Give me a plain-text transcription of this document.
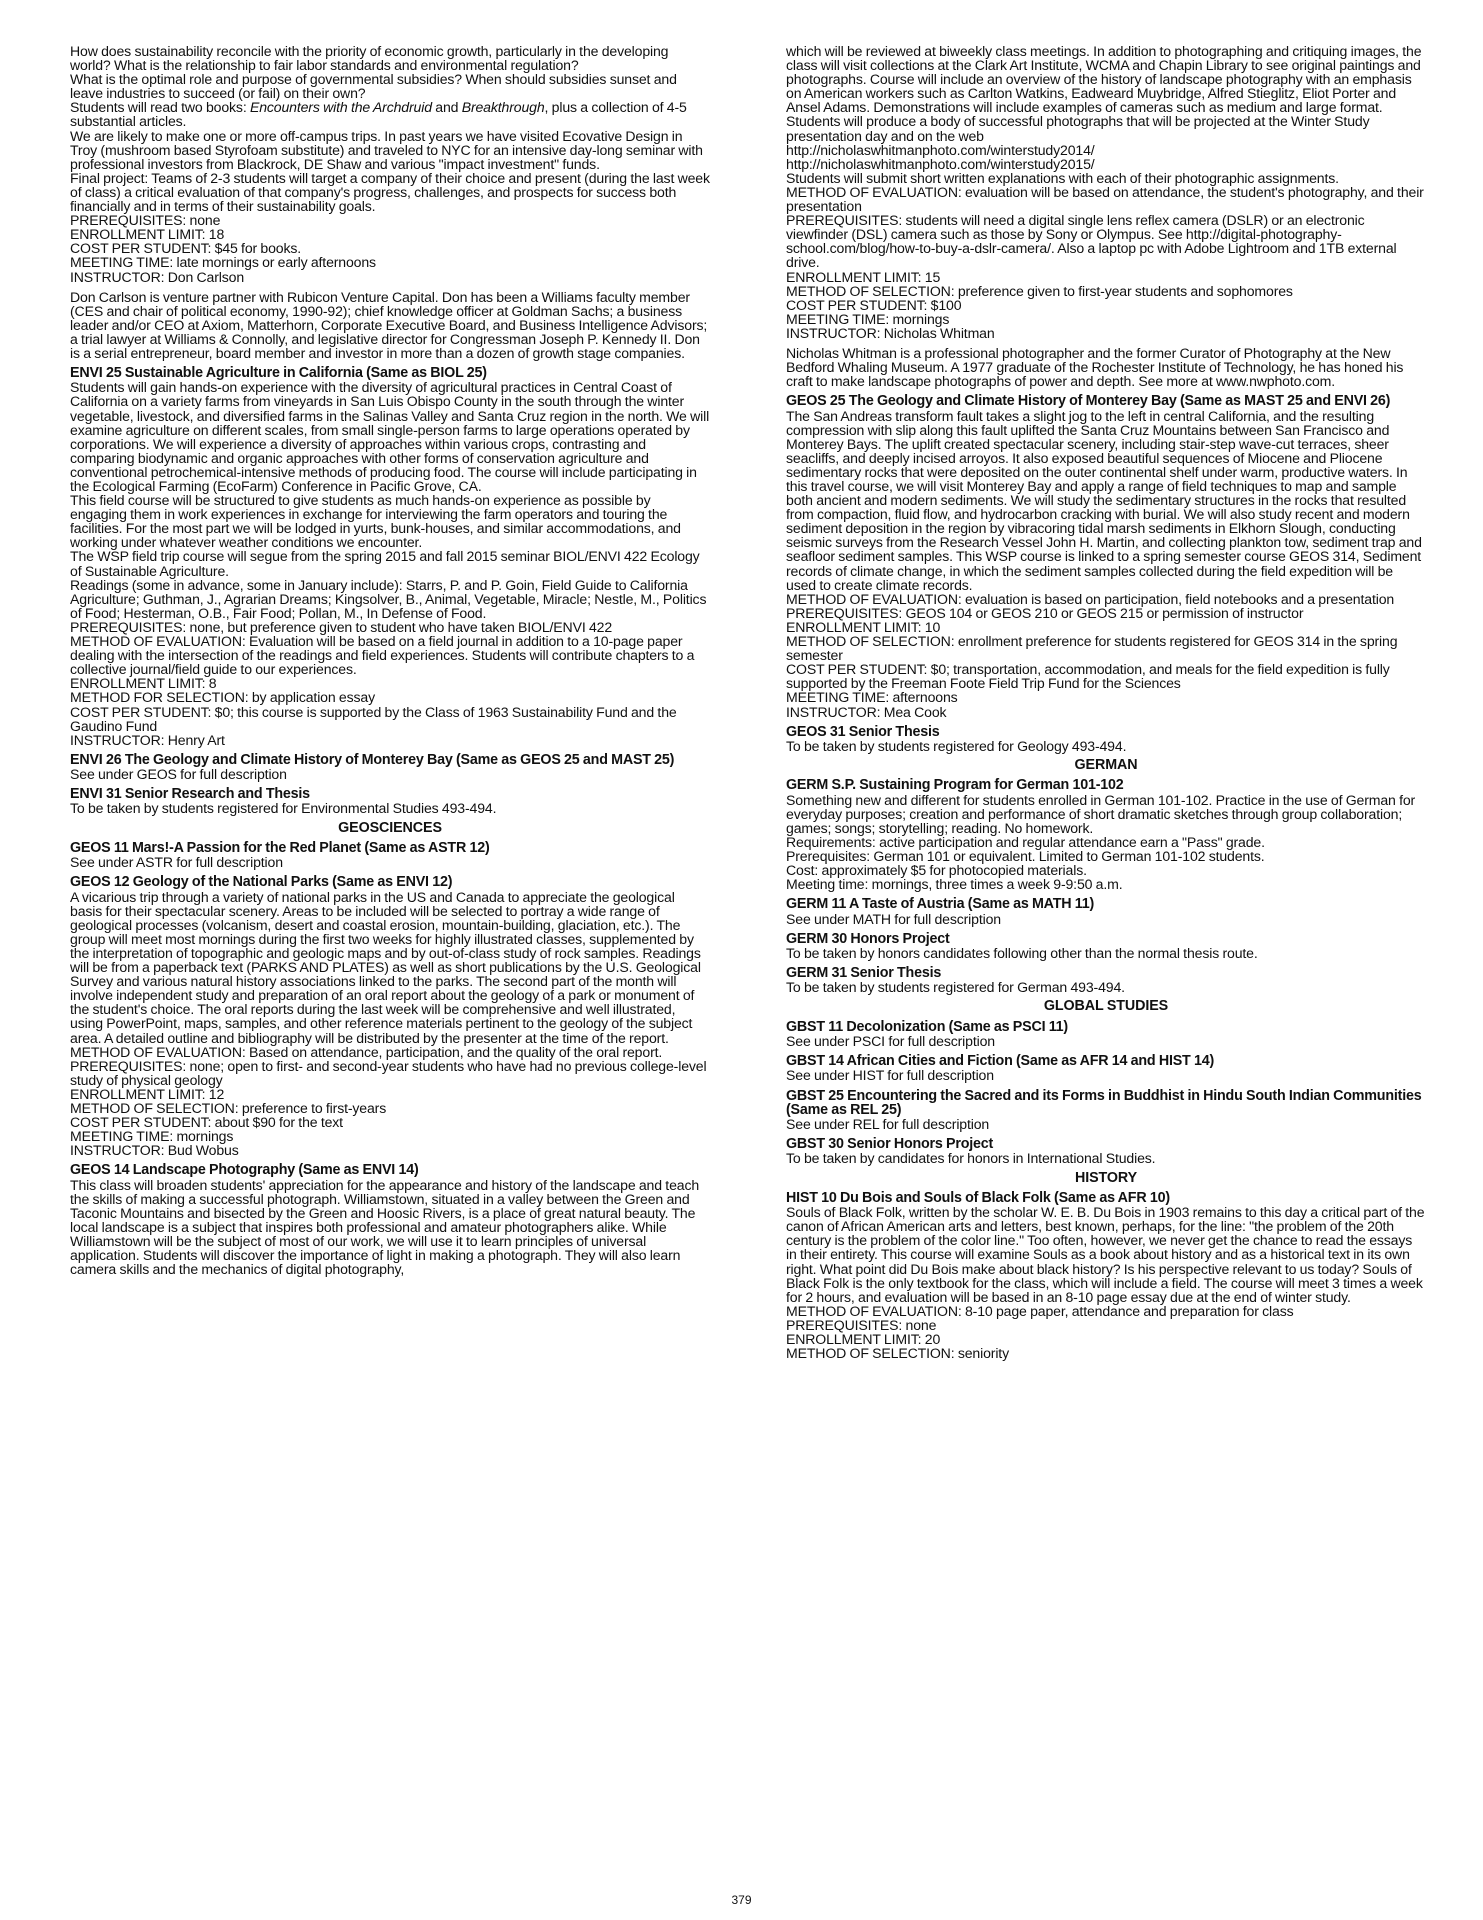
How does sustainability reconcile with the priority of economic growth, particularly in the developing world? What is the relationship to fair labor standards and environmental regulation?

What is the optimal role and purpose of governmental subsidies? When should subsidies sunset and leave industries to succeed (or fail) on their own?

Students will read two books: Encounters with the Archdruid and Breakthrough, plus a collection of 4-5 substantial articles.

We are likely to make one or more off-campus trips. In past years we have visited Ecovative Design in Troy (mushroom based Styrofoam substitute) and traveled to NYC for an intensive day-long seminar with professional investors from Blackrock, DE Shaw and various "impact investment" funds.

Final project: Teams of 2-3 students will target a company of their choice and present (during the last week of class) a critical evaluation of that company's progress, challenges, and prospects for success both financially and in terms of their sustainability goals.

PREREQUISITES: none

ENROLLMENT LIMIT: 18

COST PER STUDENT: $45 for books.

MEETING TIME: late mornings or early afternoons

INSTRUCTOR: Don Carlson

Don Carlson is venture partner with Rubicon Venture Capital. Don has been a Williams faculty member (CES and chair of political economy, 1990-92); chief knowledge officer at Goldman Sachs; a business leader and/or CEO at Axiom, Matterhorn, Corporate Executive Board, and Business Intelligence Advisors; a trial lawyer at Williams & Connolly, and legislative director for Congressman Joseph P. Kennedy II. Don is a serial entrepreneur, board member and investor in more than a dozen of growth stage companies.

ENVI 25 Sustainable Agriculture in California (Same as BIOL 25)

Students will gain hands-on experience with the diversity of agricultural practices in Central Coast of California on a variety farms from vineyards in San Luis Obispo County in the south through the winter vegetable, livestock, and diversified farms in the Salinas Valley and Santa Cruz region in the north. We will examine agriculture on different scales, from small single-person farms to large operations operated by corporations. We will experience a diversity of approaches within various crops, contrasting and comparing biodynamic and organic approaches with other forms of conservation agriculture and conventional petrochemical-intensive methods of producing food. The course will include participating in the Ecological Farming (EcoFarm) Conference in Pacific Grove, CA.

This field course will be structured to give students as much hands-on experience as possible by engaging them in work experiences in exchange for interviewing the farm operators and touring the facilities. For the most part we will be lodged in yurts, bunk-houses, and similar accommodations, and working under whatever weather conditions we encounter.

The WSP field trip course will segue from the spring 2015 and fall 2015 seminar BIOL/ENVI 422 Ecology of Sustainable Agriculture.

Readings (some in advance, some in January include): Starrs, P. and P. Goin, Field Guide to California Agriculture; Guthman, J., Agrarian Dreams; Kingsolver, B., Animal, Vegetable, Miracle; Nestle, M., Politics of Food; Hesterman, O.B., Fair Food; Pollan, M., In Defense of Food.

PREREQUISITES: none, but preference given to student who have taken BIOL/ENVI 422

METHOD OF EVALUATION: Evaluation will be based on a field journal in addition to a 10-page paper dealing with the intersection of the readings and field experiences. Students will contribute chapters to a collective journal/field guide to our experiences.

ENROLLMENT LIMIT: 8

METHOD FOR SELECTION: by application essay

COST PER STUDENT: $0; this course is supported by the Class of 1963 Sustainability Fund and the Gaudino Fund

INSTRUCTOR: Henry Art

ENVI 26 The Geology and Climate History of Monterey Bay (Same as GEOS 25 and MAST 25)

See under GEOS for full description

ENVI 31 Senior Research and Thesis

To be taken by students registered for Environmental Studies 493-494.

GEOSCIENCES
GEOS 11 Mars!-A Passion for the Red Planet (Same as ASTR 12)

See under ASTR for full description

GEOS 12 Geology of the National Parks (Same as ENVI 12)

A vicarious trip through a variety of national parks in the US and Canada to appreciate the geological basis for their spectacular scenery. Areas to be included will be selected to portray a wide range of geological processes (volcanism, desert and coastal erosion, mountain-building, glaciation, etc.). The group will meet most mornings during the first two weeks for highly illustrated classes, supplemented by the interpretation of topographic and geologic maps and by out-of-class study of rock samples. Readings will be from a paperback text (PARKS AND PLATES) as well as short publications by the U.S. Geological Survey and various natural history associations linked to the parks. The second part of the month will involve independent study and preparation of an oral report about the geology of a park or monument of the student's choice. The oral reports during the last week will be comprehensive and well illustrated, using PowerPoint, maps, samples, and other reference materials pertinent to the geology of the subject area. A detailed outline and bibliography will be distributed by the presenter at the time of the report.

METHOD OF EVALUATION: Based on attendance, participation, and the quality of the oral report.

PREREQUISITES: none; open to first- and second-year students who have had no previous college-level study of physical geology

ENROLLMENT LIMIT: 12

METHOD OF SELECTION: preference to first-years

COST PER STUDENT: about $90 for the text

MEETING TIME: mornings

INSTRUCTOR: Bud Wobus

GEOS 14 Landscape Photography (Same as ENVI 14)

This class will broaden students' appreciation for the appearance and history of the landscape and teach the skills of making a successful photograph. Williamstown, situated in a valley between the Green and Taconic Mountains and bisected by the Green and Hoosic Rivers, is a place of great natural beauty. The local landscape is a subject that inspires both professional and amateur photographers alike. While Williamstown will be the subject of most of our work, we will use it to learn principles of universal application. Students will discover the importance of light in making a photograph. They will also learn camera skills and the mechanics of digital photography,

which will be reviewed at biweekly class meetings. In addition to photographing and critiquing images, the class will visit collections at the Clark Art Institute, WCMA and Chapin Library to see original paintings and photographs. Course will include an overview of the history of landscape photography with an emphasis on American workers such as Carlton Watkins, Eadweard Muybridge, Alfred Stieglitz, Eliot Porter and Ansel Adams. Demonstrations will include examples of cameras such as medium and large format. Students will produce a body of successful photographs that will be projected at the Winter Study presentation day and on the web

http://nicholaswhitmanphoto.com/winterstudy2014/

http://nicholaswhitmanphoto.com/winterstudy2015/

Students will submit short written explanations with each of their photographic assignments.

METHOD OF EVALUATION: evaluation will be based on attendance, the student's photography, and their presentation

PREREQUISITES: students will need a digital single lens reflex camera (DSLR) or an electronic viewfinder (DSL) camera such as those by Sony or Olympus. See http://digital-photography-school.com/blog/how-to-buy-a-dslr-camera/. Also a laptop pc with Adobe Lightroom and 1TB external drive.

ENROLLMENT LIMIT: 15

METHOD OF SELECTION: preference given to first-year students and sophomores

COST PER STUDENT: $100

MEETING TIME: mornings

INSTRUCTOR: Nicholas Whitman

Nicholas Whitman is a professional photographer and the former Curator of Photography at the New Bedford Whaling Museum. A 1977 graduate of the Rochester Institute of Technology, he has honed his craft to make landscape photographs of power and depth. See more at www.nwphoto.com.

GEOS 25 The Geology and Climate History of Monterey Bay (Same as MAST 25 and ENVI 26)

The San Andreas transform fault takes a slight jog to the left in central California, and the resulting compression with slip along this fault uplifted the Santa Cruz Mountains between San Francisco and Monterey Bays. The uplift created spectacular scenery, including stair-step wave-cut terraces, sheer seacliffs, and deeply incised arroyos. It also exposed beautiful sequences of Miocene and Pliocene sedimentary rocks that were deposited on the outer continental shelf under warm, productive waters. In this travel course, we will visit Monterey Bay and apply a range of field techniques to map and sample both ancient and modern sediments. We will study the sedimentary structures in the rocks that resulted from compaction, fluid flow, and hydrocarbon cracking with burial. We will also study recent and modern sediment deposition in the region by vibracoring tidal marsh sediments in Elkhorn Slough, conducting seismic surveys from the Research Vessel John H. Martin, and collecting plankton tow, sediment trap and seafloor sediment samples. This WSP course is linked to a spring semester course GEOS 314, Sediment records of climate change, in which the sediment samples collected during the field expedition will be used to create climate records.

METHOD OF EVALUATION: evaluation is based on participation, field notebooks and a presentation

PREREQUISITES: GEOS 104 or GEOS 210 or GEOS 215 or permission of instructor

ENROLLMENT LIMIT: 10

METHOD OF SELECTION: enrollment preference for students registered for GEOS 314 in the spring semester

COST PER STUDENT: $0; transportation, accommodation, and meals for the field expedition is fully supported by the Freeman Foote Field Trip Fund for the Sciences

MEETING TIME: afternoons

INSTRUCTOR: Mea Cook

GEOS 31 Senior Thesis

To be taken by students registered for Geology 493-494.

GERMAN
GERM S.P. Sustaining Program for German 101-102

Something new and different for students enrolled in German 101-102. Practice in the use of German for everyday purposes; creation and performance of short dramatic sketches through group collaboration; games; songs; storytelling; reading. No homework.

Requirements: active participation and regular attendance earn a "Pass" grade.

Prerequisites: German 101 or equivalent. Limited to German 101-102 students.

Cost: approximately $5 for photocopied materials.

Meeting time: mornings, three times a week 9-9:50 a.m.

GERM 11 A Taste of Austria (Same as MATH 11)

See under MATH for full description

GERM 30 Honors Project

To be taken by honors candidates following other than the normal thesis route.

GERM 31 Senior Thesis

To be taken by students registered for German 493-494.

GLOBAL STUDIES
GBST 11 Decolonization (Same as PSCI 11)

See under PSCI for full description

GBST 14 African Cities and Fiction (Same as AFR 14 and HIST 14)

See under HIST for full description

GBST 25 Encountering the Sacred and its Forms in Buddhist in Hindu South Indian Communities (Same as REL 25)

See under REL for full description

GBST 30 Senior Honors Project

To be taken by candidates for honors in International Studies.

HISTORY
HIST 10 Du Bois and Souls of Black Folk (Same as AFR 10)

Souls of Black Folk, written by the scholar W. E. B. Du Bois in 1903 remains to this day a critical part of the canon of African American arts and letters, best known, perhaps, for the line: "the problem of the 20th century is the problem of the color line." Too often, however, we never get the chance to read the essays in their entirety. This course will examine Souls as a book about history and as a historical text in its own right. What point did Du Bois make about black history? Is his perspective relevant to us today? Souls of Black Folk is the only textbook for the class, which will include a field. The course will meet 3 times a week for 2 hours, and evaluation will be based in an 8-10 page essay due at the end of winter study.

METHOD OF EVALUATION: 8-10 page paper, attendance and preparation for class

PREREQUISITES: none

ENROLLMENT LIMIT: 20

METHOD OF SELECTION: seniority

379
